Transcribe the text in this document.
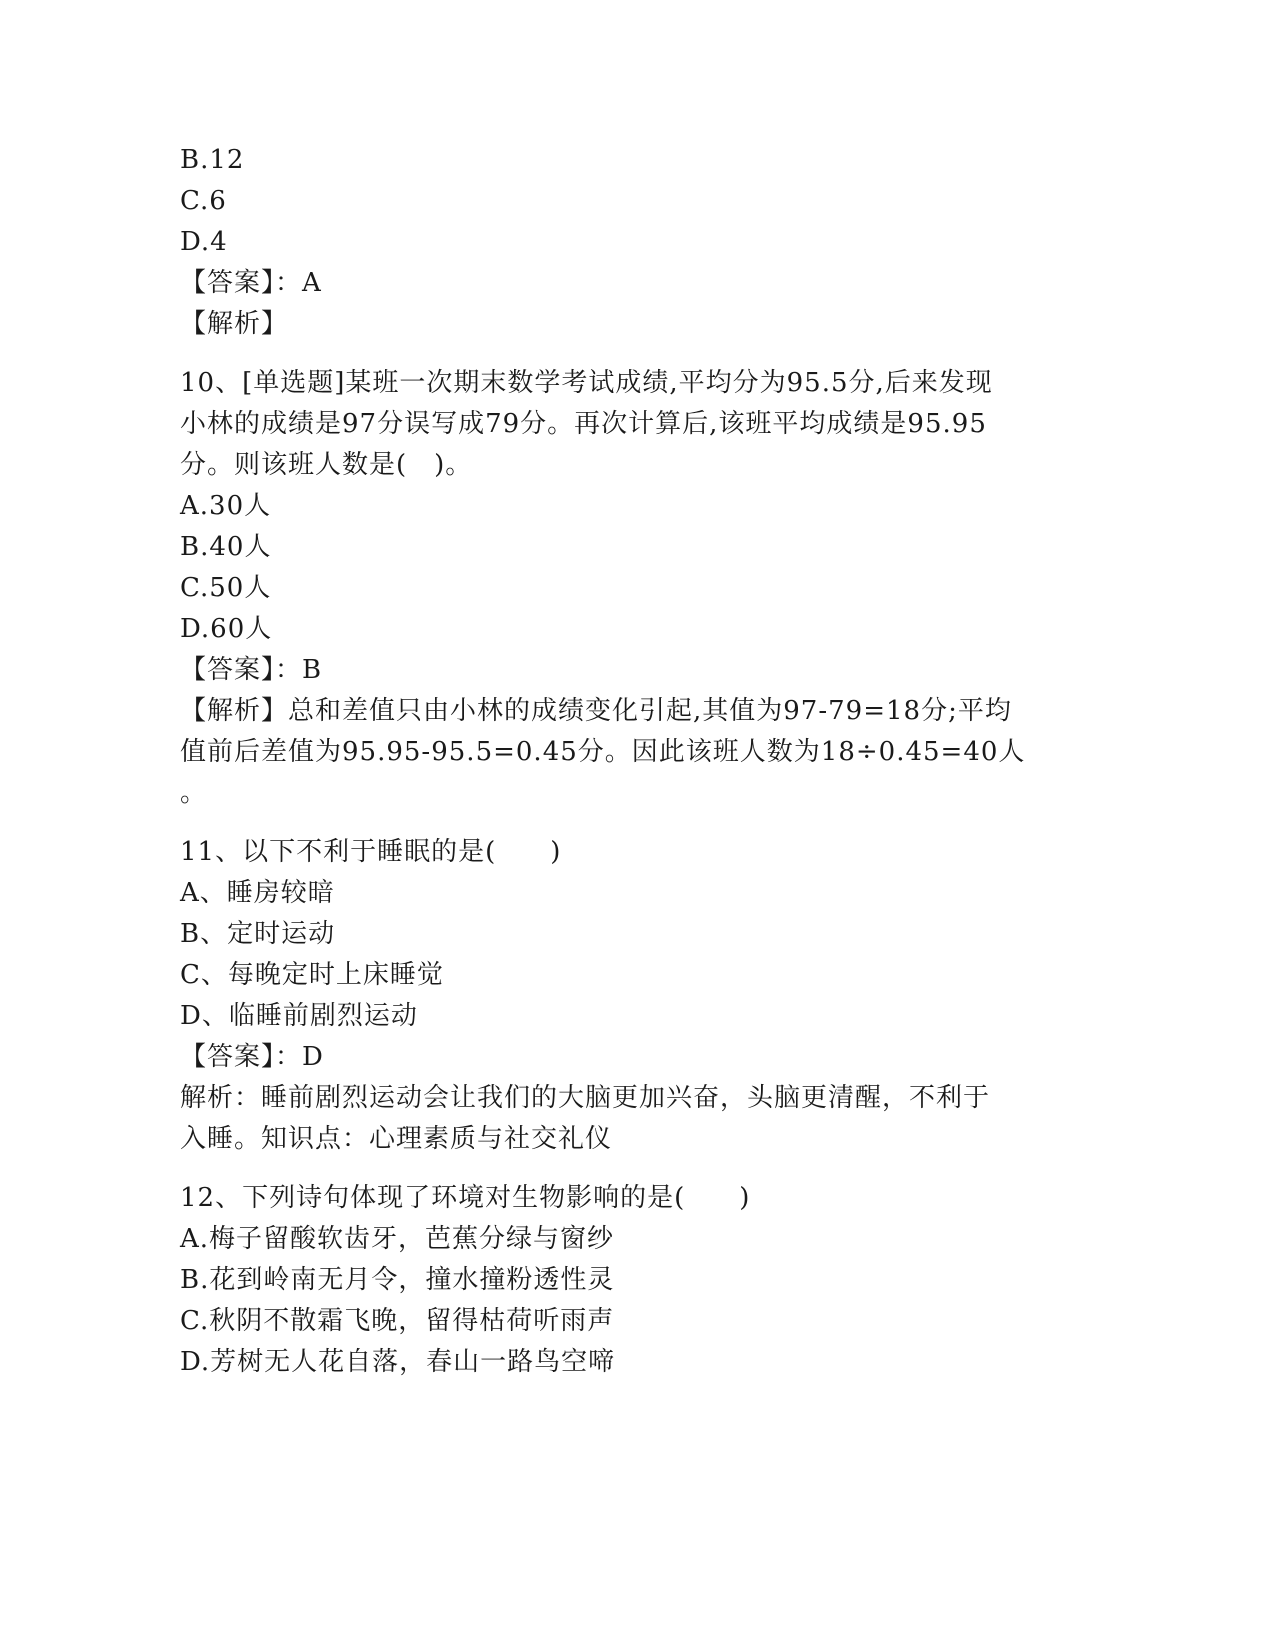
B.12
C.6
D.4
【答案】：A
【解析】
10、[单选题]某班一次期末数学考试成绩,平均分为95.5分,后来发现
小林的成绩是97分误写成79分。再次计算后,该班平均成绩是95.95
分。则该班人数是(　)。
A.30人
B.40人
C.50人
D.60人
【答案】：B
【解析】总和差值只由小林的成绩变化引起,其值为97-79=18分;平均
值前后差值为95.95-95.5=0.45分。因此该班人数为18÷0.45=40人
。
11、以下不利于睡眠的是(　　)
A、睡房较暗
B、定时运动
C、每晚定时上床睡觉
D、临睡前剧烈运动
【答案】：D
解析：睡前剧烈运动会让我们的大脑更加兴奋，头脑更清醒，不利于
入睡。知识点：心理素质与社交礼仪
12、下列诗句体现了环境对生物影响的是(　　)
A.梅子留酸软齿牙，芭蕉分绿与窗纱
B.花到岭南无月令，撞水撞粉透性灵
C.秋阴不散霜飞晚，留得枯荷听雨声
D.芳树无人花自落，春山一路鸟空啼
